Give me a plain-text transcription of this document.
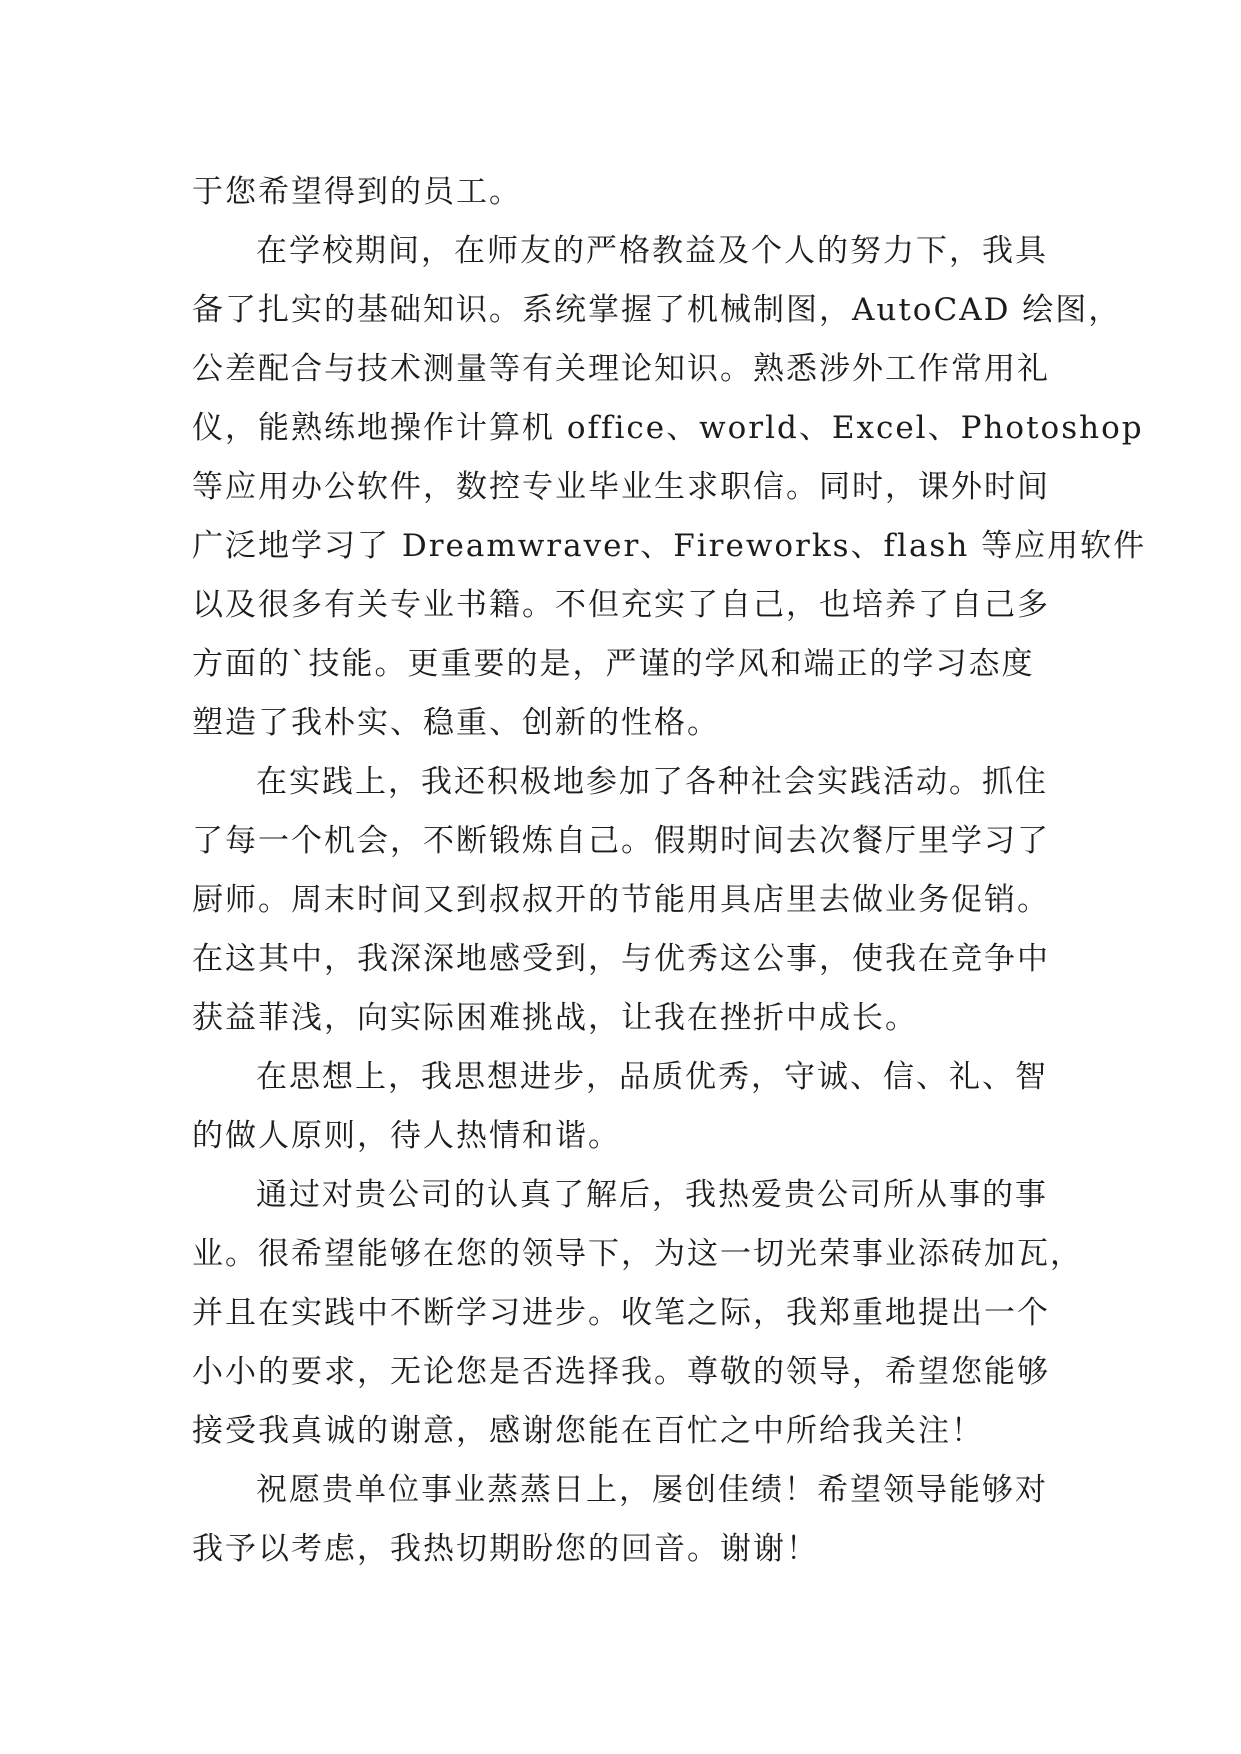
于您希望得到的员工。
在学校期间，在师友的严格教益及个人的努力下，我具
备了扎实的基础知识。系统掌握了机械制图，AutoCAD 绘图，
公差配合与技术测量等有关理论知识。熟悉涉外工作常用礼
仪，能熟练地操作计算机 office、world、Excel、Photoshop
等应用办公软件，数控专业毕业生求职信。同时，课外时间
广泛地学习了 Dreamwraver、Fireworks、flash 等应用软件
以及很多有关专业书籍。不但充实了自己，也培养了自己多
方面的`技能。更重要的是，严谨的学风和端正的学习态度
塑造了我朴实、稳重、创新的性格。
在实践上，我还积极地参加了各种社会实践活动。抓住
了每一个机会，不断锻炼自己。假期时间去次餐厅里学习了
厨师。周末时间又到叔叔开的节能用具店里去做业务促销。
在这其中，我深深地感受到，与优秀这公事，使我在竞争中
获益菲浅，向实际困难挑战，让我在挫折中成长。
在思想上，我思想进步，品质优秀，守诚、信、礼、智
的做人原则，待人热情和谐。
通过对贵公司的认真了解后，我热爱贵公司所从事的事
业。很希望能够在您的领导下，为这一切光荣事业添砖加瓦，
并且在实践中不断学习进步。收笔之际，我郑重地提出一个
小小的要求，无论您是否选择我。尊敬的领导，希望您能够
接受我真诚的谢意，感谢您能在百忙之中所给我关注！
祝愿贵单位事业蒸蒸日上，屡创佳绩！希望领导能够对
我予以考虑，我热切期盼您的回音。谢谢！
